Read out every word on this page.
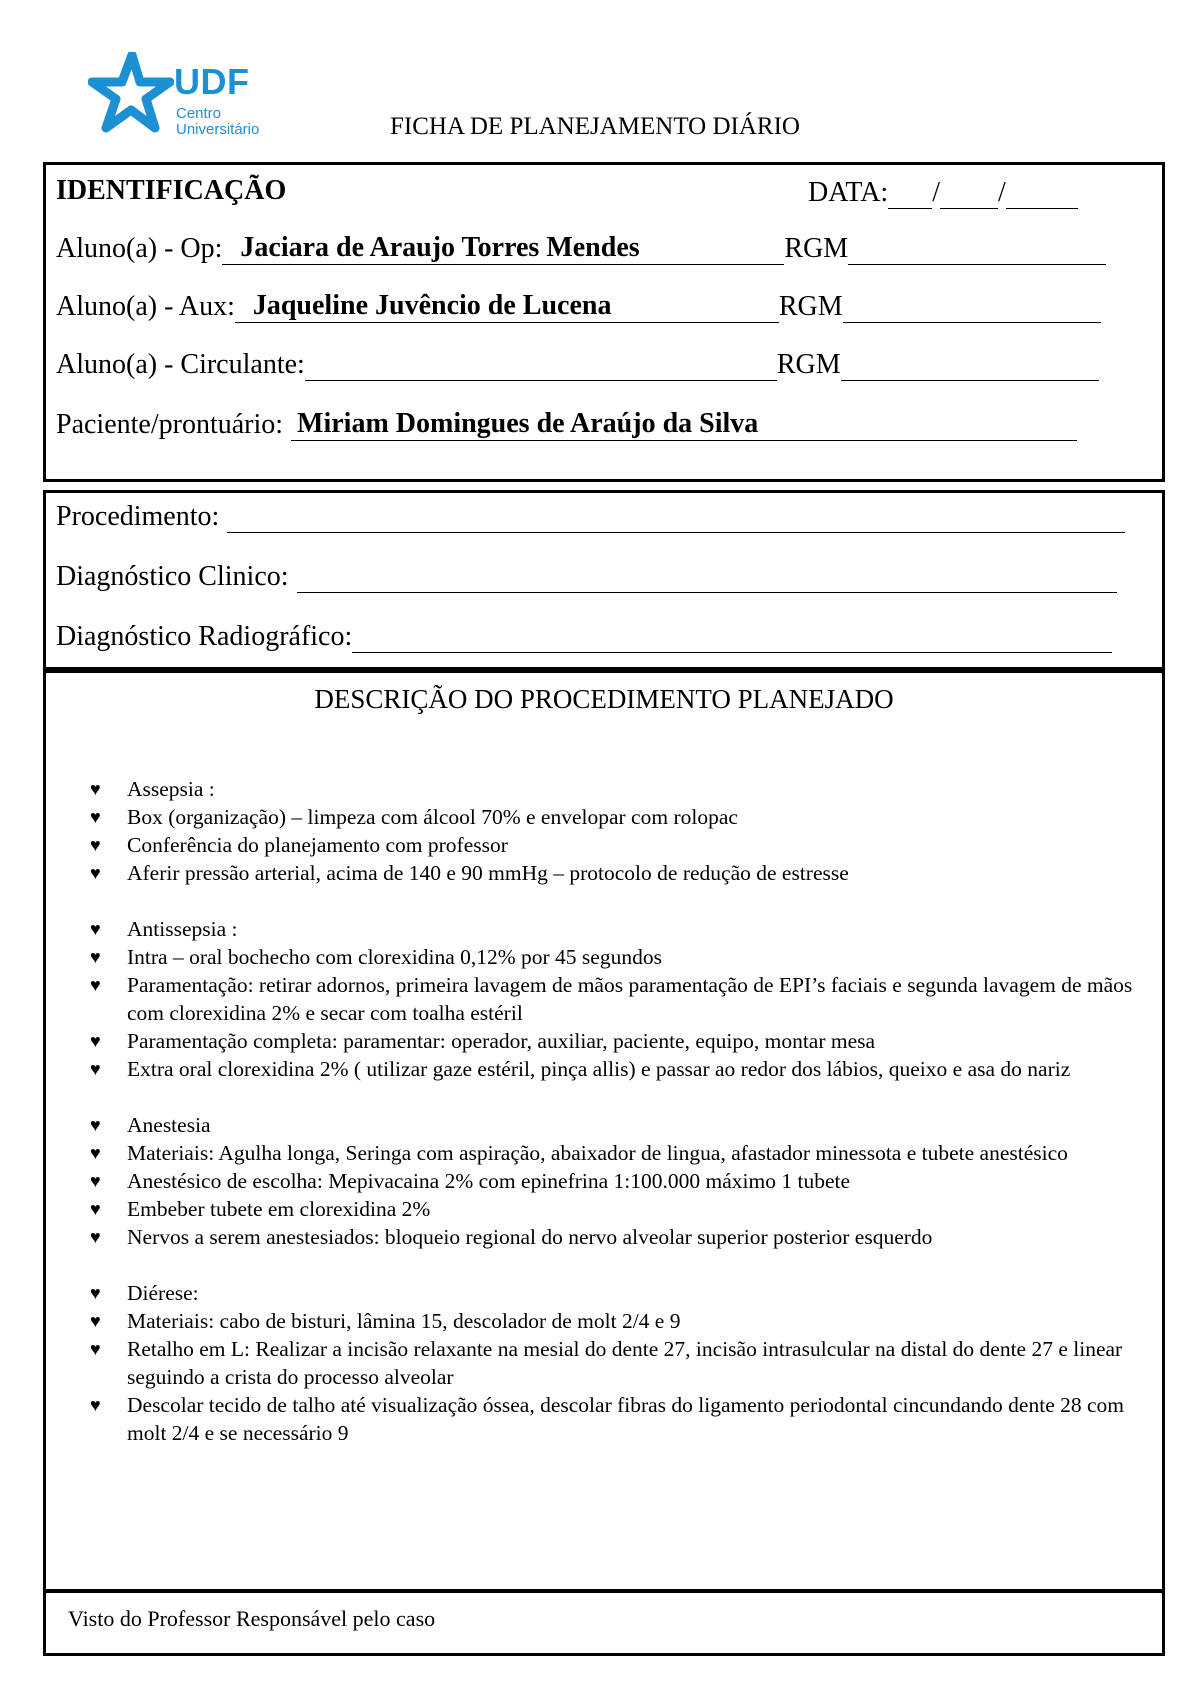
UDF
Centro
Universitário	FICHA DE PLANEJAMENTO DIÁRIO
IDENTIFICAÇÃO	DATA: / /
Aluno(a) - Op: Jaciara de Araujo Torres Mendes	RGM
Aluno(a) - Aux: Jaqueline Juvêncio de Lucena	RGM
Aluno(a) - Circulante:	RGM
Paciente/prontuário: Miriam Domingues de Araújo da Silva
Procedimento:
Diagnóstico Clinico:
Diagnóstico Radiográfico:
DESCRIÇÃO DO PROCEDIMENTO PLANEJADO
♥ Assepsia :
♥ Box (organização) – limpeza com álcool 70% e envelopar com rolopac
♥ Conferência do planejamento com professor
♥ Aferir pressão arterial, acima de 140 e 90 mmHg – protocolo de redução de estresse
♥ Antissepsia :
♥ Intra – oral bochecho com clorexidina 0,12% por 45 segundos
♥ Paramentação: retirar adornos, primeira lavagem de mãos paramentação de EPI’s faciais e segunda lavagem de mãos com clorexidina 2% e secar com toalha estéril
♥ Paramentação completa: paramentar: operador, auxiliar, paciente, equipo, montar mesa
♥ Extra oral clorexidina 2% ( utilizar gaze estéril, pinça allis) e passar ao redor dos lábios, queixo e asa do nariz
♥ Anestesia
♥ Materiais: Agulha longa, Seringa com aspiração, abaixador de lingua, afastador minessota e tubete anestésico
♥ Anestésico de escolha: Mepivacaina 2% com epinefrina 1:100.000 máximo 1 tubete
♥ Embeber tubete em clorexidina 2%
♥ Nervos a serem anestesiados: bloqueio regional do nervo alveolar superior posterior esquerdo
♥ Diérese:
♥ Materiais: cabo de bisturi, lâmina 15, descolador de molt 2/4 e 9
♥ Retalho em L: Realizar a incisão relaxante na mesial do dente 27, incisão intrasulcular na distal do dente 27 e linear seguindo a crista do processo alveolar
♥ Descolar tecido de talho até visualização óssea, descolar fibras do ligamento periodontal cincundando dente 28 com molt 2/4 e se necessário 9
Visto do Professor Responsável pelo caso
